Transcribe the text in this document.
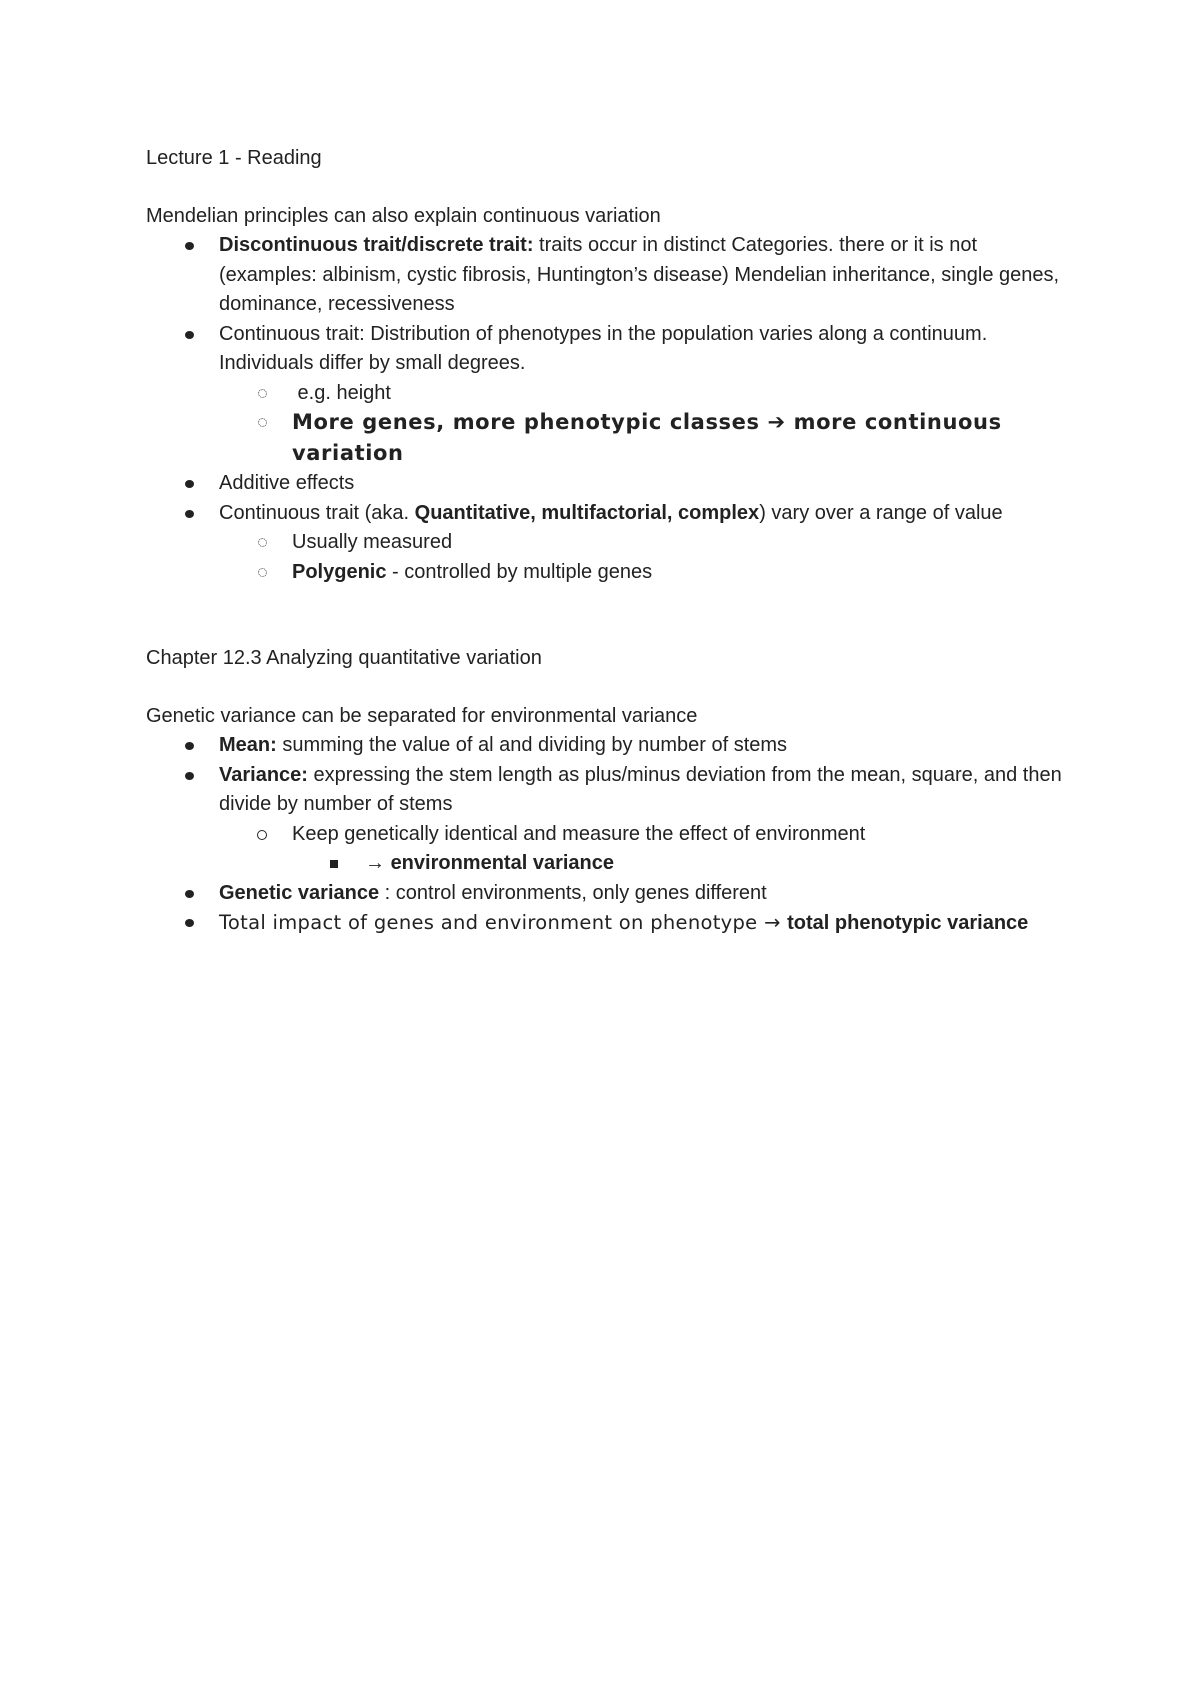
Lecture 1 - Reading

Mendelian principles can also explain continuous variation

Discontinuous trait/discrete trait: traits occur in distinct Categories. there or it is not (examples: albinism, cystic fibrosis, Huntington’s disease) Mendelian inheritance, single genes, dominance, recessiveness
Continuous trait: Distribution of phenotypes in the population varies along a continuum. Individuals differ by small degrees.
e.g. height
More genes, more phenotypic classes ➔ more continuous variation
Additive effects
Continuous trait (aka. Quantitative, multifactorial, complex) vary over a range of value
Usually measured
Polygenic - controlled by multiple genes

Chapter 12.3 Analyzing quantitative variation

Genetic variance can be separated for environmental variance

Mean: summing the value of al and dividing by number of stems
Variance: expressing the stem length as plus/minus deviation from the mean, square, and then divide by number of stems
Keep genetically identical and measure the effect of environment
→ environmental variance
Genetic variance : control environments, only genes different
Total impact of genes and environment on phenotype → total phenotypic variance
